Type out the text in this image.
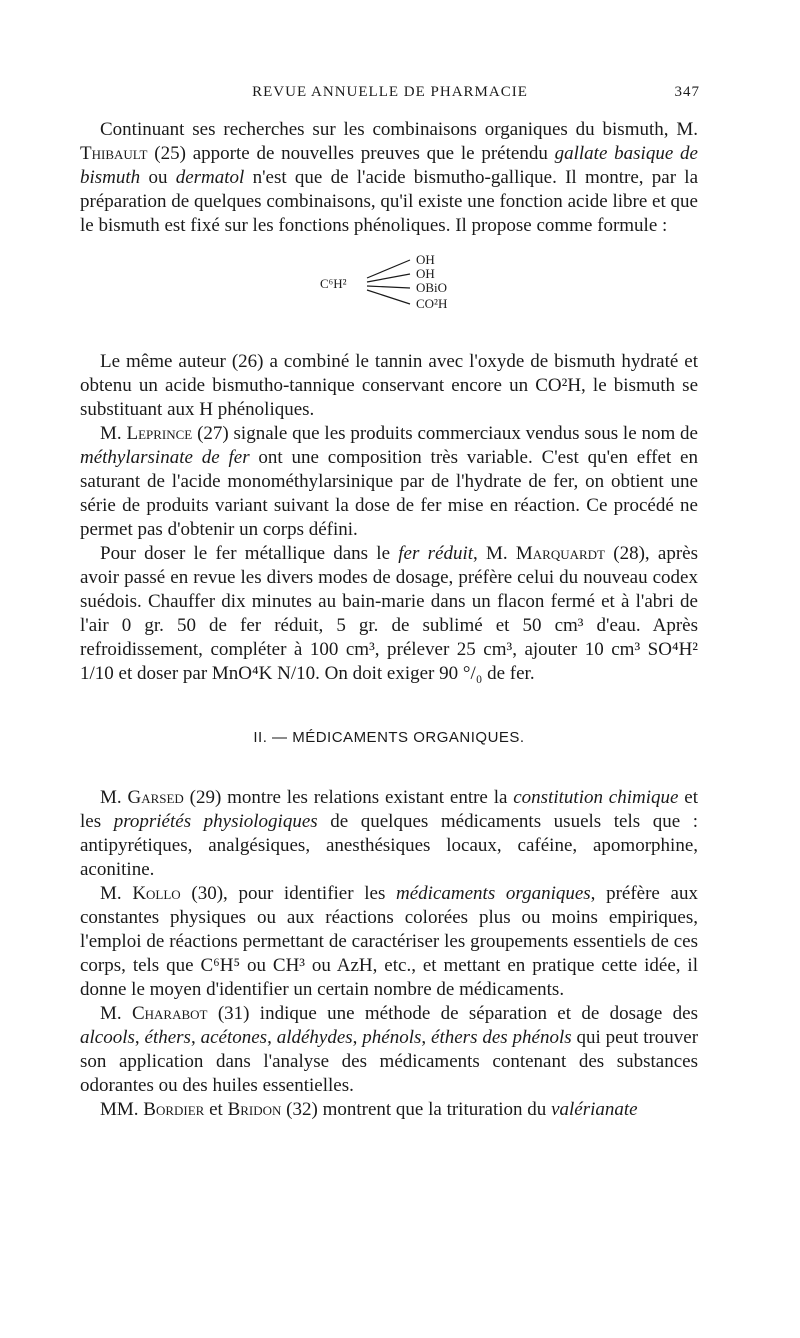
REVUE ANNUELLE DE PHARMACIE	347

Continuant ses recherches sur les combinaisons organiques du bismuth, M. Thibault (25) apporte de nouvelles preuves que le prétendu gallate basique de bismuth ou dermatol n'est que de l'acide bismutho-gallique. Il montre, par la préparation de quelques combinaisons, qu'il existe une fonction acide libre et que le bismuth est fixé sur les fonctions phénoliques. Il propose comme formule :

C⁶H²
OH
OH
OBiO
CO²H

Le même auteur (26) a combiné le tannin avec l'oxyde de bismuth hydraté et obtenu un acide bismutho-tannique conservant encore un CO²H, le bismuth se substituant aux H phénoliques.

M. Leprince (27) signale que les produits commerciaux vendus sous le nom de méthylarsinate de fer ont une composition très variable. C'est qu'en effet en saturant de l'acide monométhylarsinique par de l'hydrate de fer, on obtient une série de produits variant suivant la dose de fer mise en réaction. Ce procédé ne permet pas d'obtenir un corps défini.

Pour doser le fer métallique dans le fer réduit, M. Marquardt (28), après avoir passé en revue les divers modes de dosage, préfère celui du nouveau codex suédois. Chauffer dix minutes au bain-marie dans un flacon fermé et à l'abri de l'air 0 gr. 50 de fer réduit, 5 gr. de sublimé et 50 cm³ d'eau. Après refroidissement, compléter à 100 cm³, prélever 25 cm³, ajouter 10 cm³ SO⁴H² 1/10 et doser par MnO⁴K N/10. On doit exiger 90 °/₀ de fer.

II. — MÉDICAMENTS ORGANIQUES.

M. Garsed (29) montre les relations existant entre la constitution chimique et les propriétés physiologiques de quelques médicaments usuels tels que : antipyrétiques, analgésiques, anesthésiques locaux, caféine, apomorphine, aconitine.

M. Kollo (30), pour identifier les médicaments organiques, préfère aux constantes physiques ou aux réactions colorées plus ou moins empiriques, l'emploi de réactions permettant de caractériser les groupements essentiels de ces corps, tels que C⁶H⁵ ou CH³ ou AzH, etc., et mettant en pratique cette idée, il donne le moyen d'identifier un certain nombre de médicaments.

M. Charabot (31) indique une méthode de séparation et de dosage des alcools, éthers, acétones, aldéhydes, phénols, éthers des phénols qui peut trouver son application dans l'analyse des médicaments contenant des substances odorantes ou des huiles essentielles.

MM. Bordier et Bridon (32) montrent que la trituration du valérianate
